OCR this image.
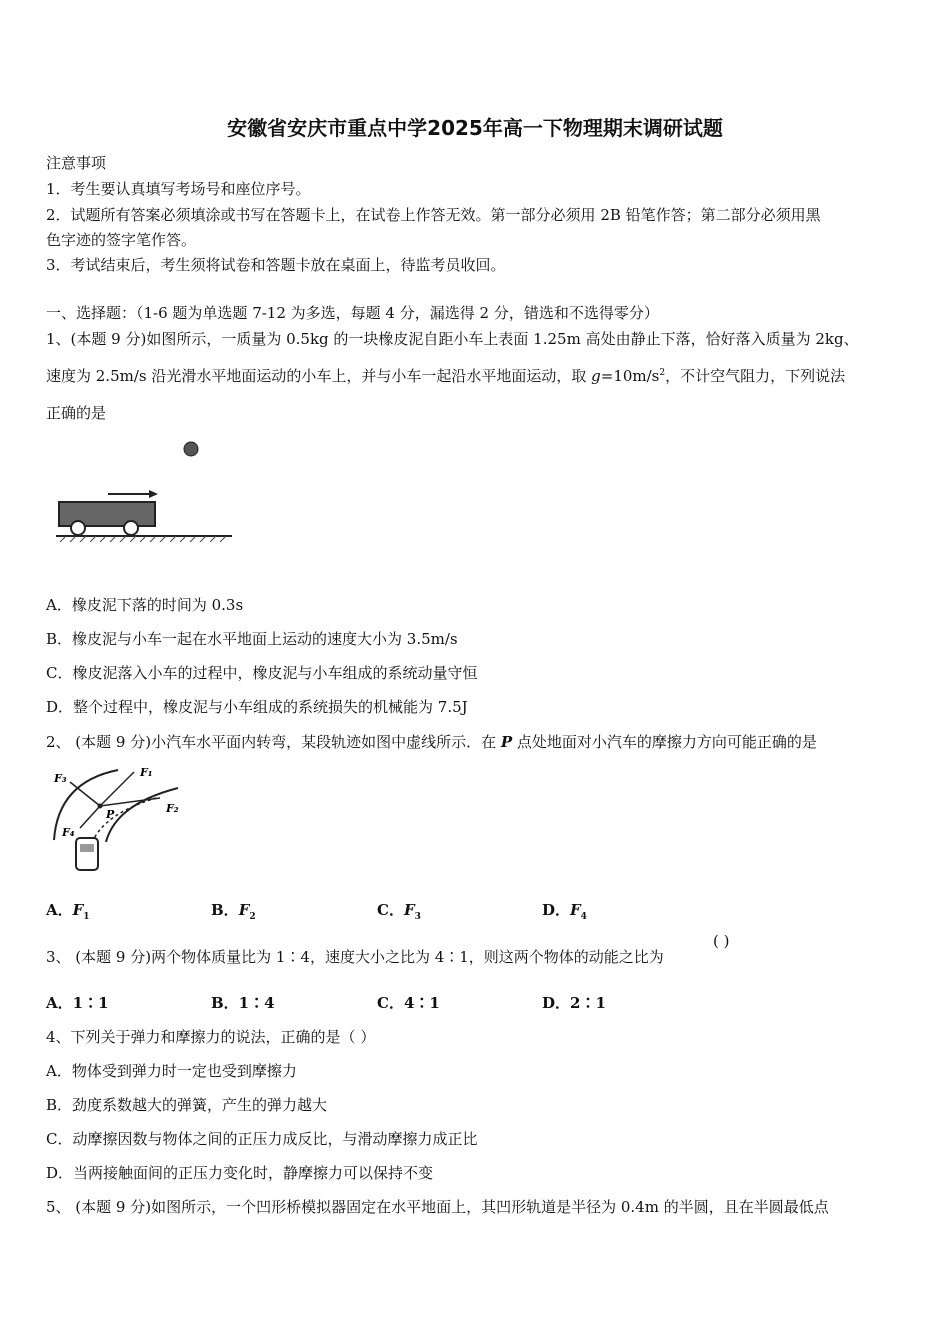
安徽省安庆市重点中学2025年高一下物理期末调研试题
注意事项
1．考生要认真填写考场号和座位序号。
2．试题所有答案必须填涂或书写在答题卡上，在试卷上作答无效。第一部分必须用 2B 铅笔作答；第二部分必须用黑
色字迹的签字笔作答。
3．考试结束后，考生须将试卷和答题卡放在桌面上，待监考员收回。
一、选择题：（1-6 题为单选题 7-12 为多选，每题 4 分，漏选得 2 分，错选和不选得零分）
1、(本题 9 分)如图所示，一质量为 0.5kg 的一块橡皮泥自距小车上表面 1.25m 高处由静止下落，恰好落入质量为 2kg、
速度为 2.5m/s 沿光滑水平地面运动的小车上，并与小车一起沿水平地面运动，取 $g=10m/s^2$，不计空气阻力，下列说法
正确的是
A．橡皮泥下落的时间为 0.3s
B．橡皮泥与小车一起在水平地面上运动的速度大小为 3.5m/s
C．橡皮泥落入小车的过程中，橡皮泥与小车组成的系统动量守恒
D．整个过程中，橡皮泥与小车组成的系统损失的机械能为 7.5J
2、 (本题 9 分)小汽车水平面内转弯，某段轨迹如图中虚线所示．在 P 点处地面对小汽车的摩擦力方向可能正确的是
F₃	F₁
P	F₂
F₄
A．$F_1$	B．$F_2$	C．$F_3$	D．$F_4$
3、 (本题 9 分)两个物体质量比为 1∶4，速度大小之比为 4∶1，则这两个物体的动能之比为
( )
A．1∶1	B．1∶4	C．4∶1	D．2∶1
4、下列关于弹力和摩擦力的说法，正确的是（ ）
A．物体受到弹力时一定也受到摩擦力
B．劲度系数越大的弹簧，产生的弹力越大
C．动摩擦因数与物体之间的正压力成反比，与滑动摩擦力成正比
D．当两接触面间的正压力变化时，静摩擦力可以保持不变
5、 (本题 9 分)如图所示，一个凹形桥模拟器固定在水平地面上，其凹形轨道是半径为 0.4m 的半圆，且在半圆最低点
